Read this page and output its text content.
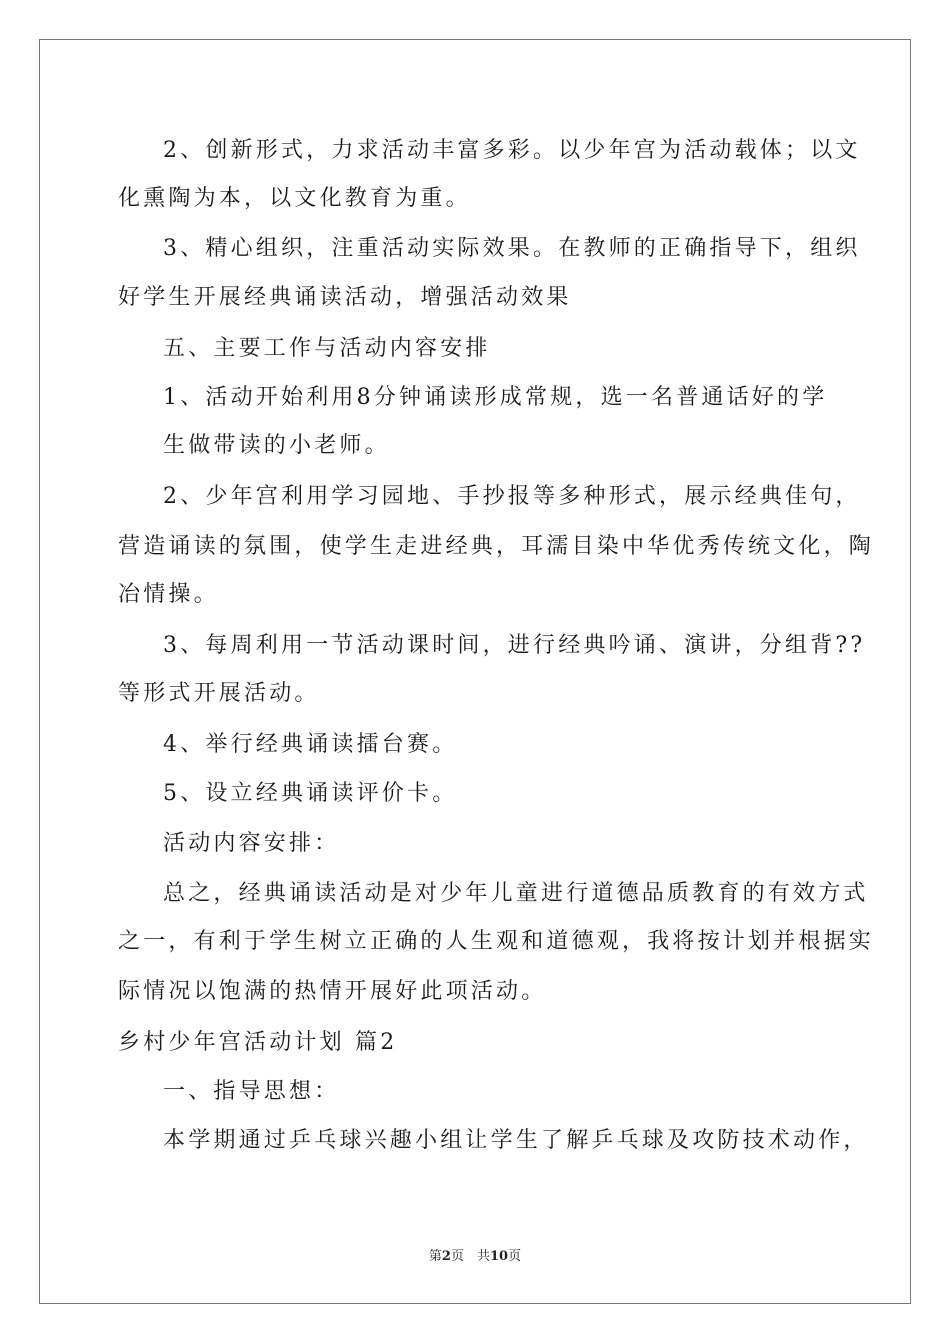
2、创新形式，力求活动丰富多彩。以少年宫为活动载体；以文
化熏陶为本，以文化教育为重。
3、精心组织，注重活动实际效果。在教师的正确指导下，组织
好学生开展经典诵读活动，增强活动效果
五、主要工作与活动内容安排
1、活动开始利用8分钟诵读形成常规，选一名普通话好的学
生做带读的小老师。
2、少年宫利用学习园地、手抄报等多种形式，展示经典佳句，
营造诵读的氛围，使学生走进经典，耳濡目染中华优秀传统文化，陶
冶情操。
3、每周利用一节活动课时间，进行经典吟诵、演讲，分组背??
等形式开展活动。
4、举行经典诵读擂台赛。
5、设立经典诵读评价卡。
活动内容安排：
总之，经典诵读活动是对少年儿童进行道德品质教育的有效方式
之一，有利于学生树立正确的人生观和道德观，我将按计划并根据实
际情况以饱满的热情开展好此项活动。
乡村少年宫活动计划 篇2
一、指导思想：
本学期通过乒乓球兴趣小组让学生了解乒乓球及攻防技术动作，
第2页　共10页
